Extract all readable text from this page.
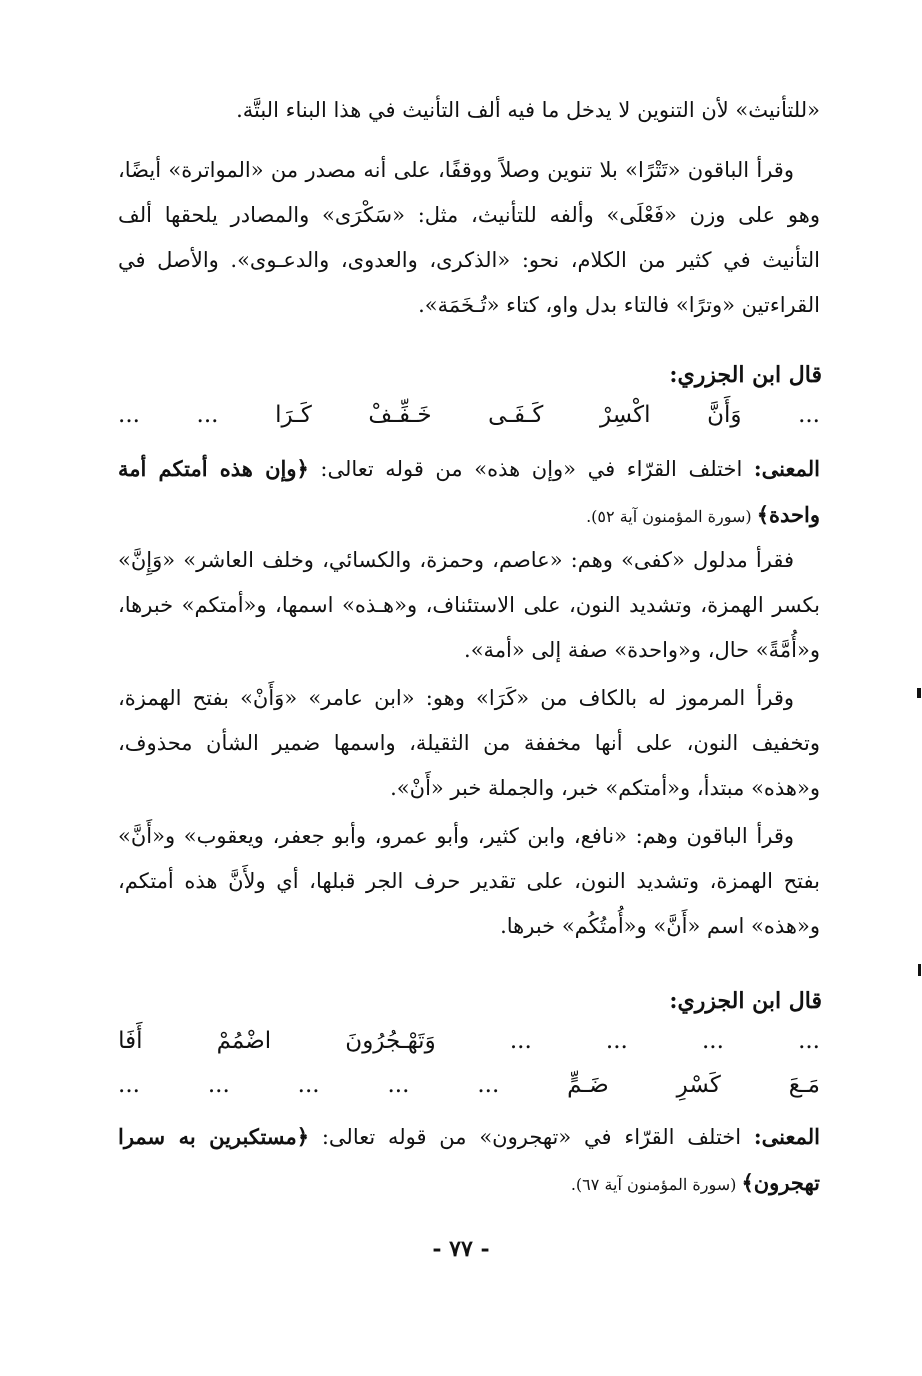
«للتأنيث» لأن التنوين لا يدخل ما فيه ألف التأنيث في هذا البناء البتَّة.

وقرأ الباقون «تَتْرًا» بلا تنوين وصلاً ووقفًا، على أنه مصدر من «المواترة» أيضًا، وهو على وزن «فَعْلَى» وألفه للتأنيث، مثل: «سَكْرَى» والمصادر يلحقها ألف التأنيث في كثير من الكلام، نحو: «الذكرى، والعدوى، والدعـوى». والأصل في القراءتين «وترًا» فالتاء بدل واو، كتاء «تُـخَمَة».

قال ابن الجزري:
...
وَأَنَّ
اكْسِرْ
كَـفَـى
خَـفِّـفْ
كَـرَا
...
...

المعنى: اختلف القرّاء في «وإن هذه» من قوله تعالى: ﴿وإن هذه أمتكم أمة واحدة﴾ (سورة المؤمنون آية ٥٢).

فقرأ مدلول «كفى» وهم: «عاصم، وحمزة، والكسائي، وخلف العاشر» «وَإِنَّ» بكسر الهمزة، وتشديد النون، على الاستئناف، و«هـذه» اسمها، و«أمتكم» خبرها، و«أُمَّةً» حال، و«واحدة» صفة إلى «أمة».

وقرأ المرموز له بالكاف من «كَرَا» وهو: «ابن عامر» «وَأَنْ» بفتح الهمزة، وتخفيف النون، على أنها مخففة من الثقيلة، واسمها ضمير الشأن محذوف، و«هذه» مبتدأ، و«أمتكم» خبر، والجملة خبر «أَنْ».

وقرأ الباقون وهم: «نافع، وابن كثير، وأبو عمرو، وأبو جعفر، ويعقوب» و«أَنَّ» بفتح الهمزة، وتشديد النون، على تقدير حرف الجر قبلها، أي ولأَنَّ هذه أمتكم، و«هذه» اسم «أَنَّ» و«أُمتُكُم» خبرها.

قال ابن الجزري:
...
...
...
...
وَتَهْـجُرُونَ
اضْمُمْ
أَفَا
مَـعَ
كَسْرِ
ضَـمٍّ
...
...
...
...
...

المعنى: اختلف القرّاء في «تهجرون» من قوله تعالى: ﴿مستكبرين به سمرا تهجرون﴾ (سورة المؤمنون آية ٦٧).

- ٧٧ -
